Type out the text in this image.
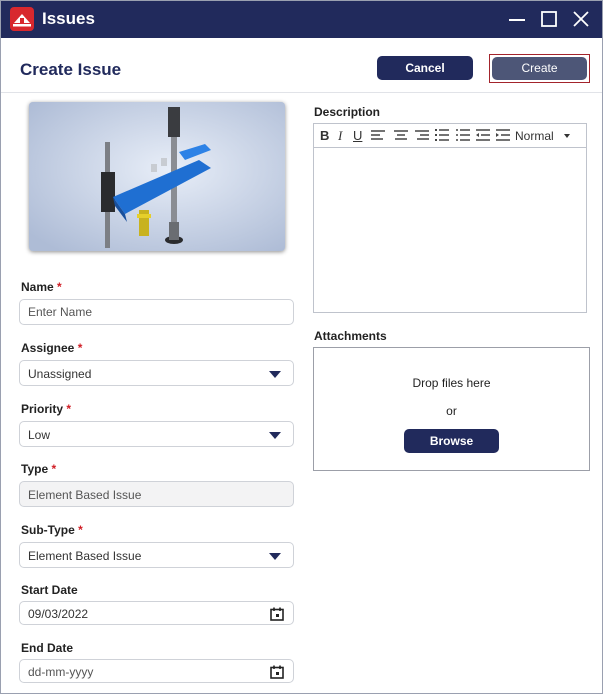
Issues
Create Issue	Cancel	Create
Name *
Enter Name
Assignee *
Unassigned
Priority *
Low
Type *
Element Based Issue
Sub-Type *
Element Based Issue
Start Date
09/03/2022
End Date
dd-mm-yyyy
Description
B I U	Normal
Attachments
Drop files here
or
Browse
